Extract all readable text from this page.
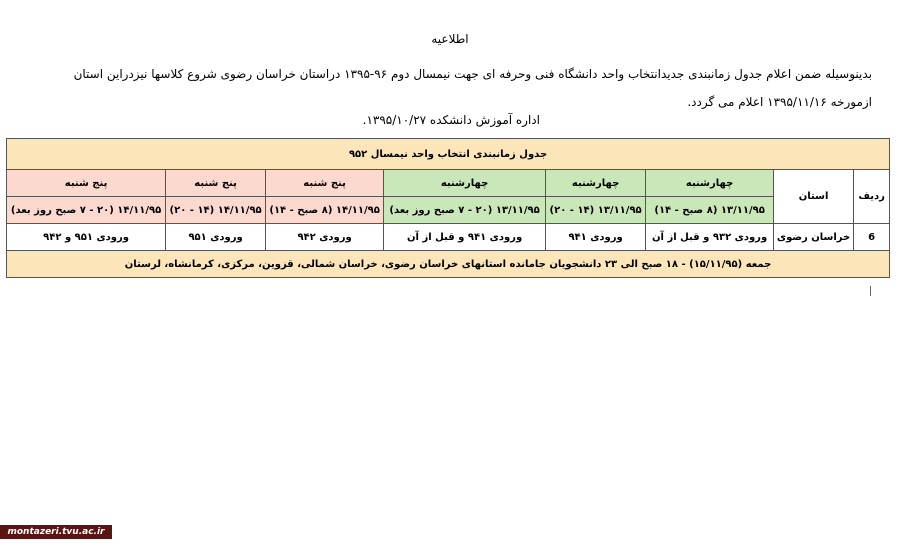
اطلاعیه
بدینوسیله ضمن اعلام جدول زمانبندی جدیدانتخاب واحد دانشگاه فنی وحرفه ای جهت نیمسال دوم ۹۶-۱۳۹۵ دراستان خراسان رضوی شروع کلاسها نیزدراین استان ازمورخه ۱۳۹۵/۱۱/۱۶ اعلام می گردد.
اداره آموزش دانشکده ۱۳۹۵/۱۰/۲۷.
جدول زمانبندی انتخاب واحد نیمسال ۹۵۲							
ردیف	استان	چهارشنبه	چهارشنبه	چهارشنبه	پنج شنبه	پنج شنبه	پنج شنبه
		۱۳/۱۱/۹۵ (۸ صبح - ۱۴)	۱۳/۱۱/۹۵ (۱۴ - ۲۰)	۱۳/۱۱/۹۵ (۲۰ - ۷ صبح روز بعد)	۱۴/۱۱/۹۵ (۸ صبح - ۱۴)	۱۴/۱۱/۹۵ (۱۴ - ۲۰)	۱۴/۱۱/۹۵ (۲۰ - ۷ صبح روز بعد)
6	خراسان رضوی	ورودی ۹۳۲ و قبل از آن	ورودی ۹۴۱	ورودی ۹۴۱ و قبل از آن	ورودی ۹۴۲	ورودی ۹۵۱	ورودی ۹۵۱ و ۹۴۲
جمعه (۱۵/۱۱/۹۵) - ۱۸ صبح الی ۲۳ دانشجویان جامانده استانهای خراسان رضوی، خراسان شمالی، قزوین، مرکزی، کرمانشاه، لرستان							
montazeri.tvu.ac.ir
